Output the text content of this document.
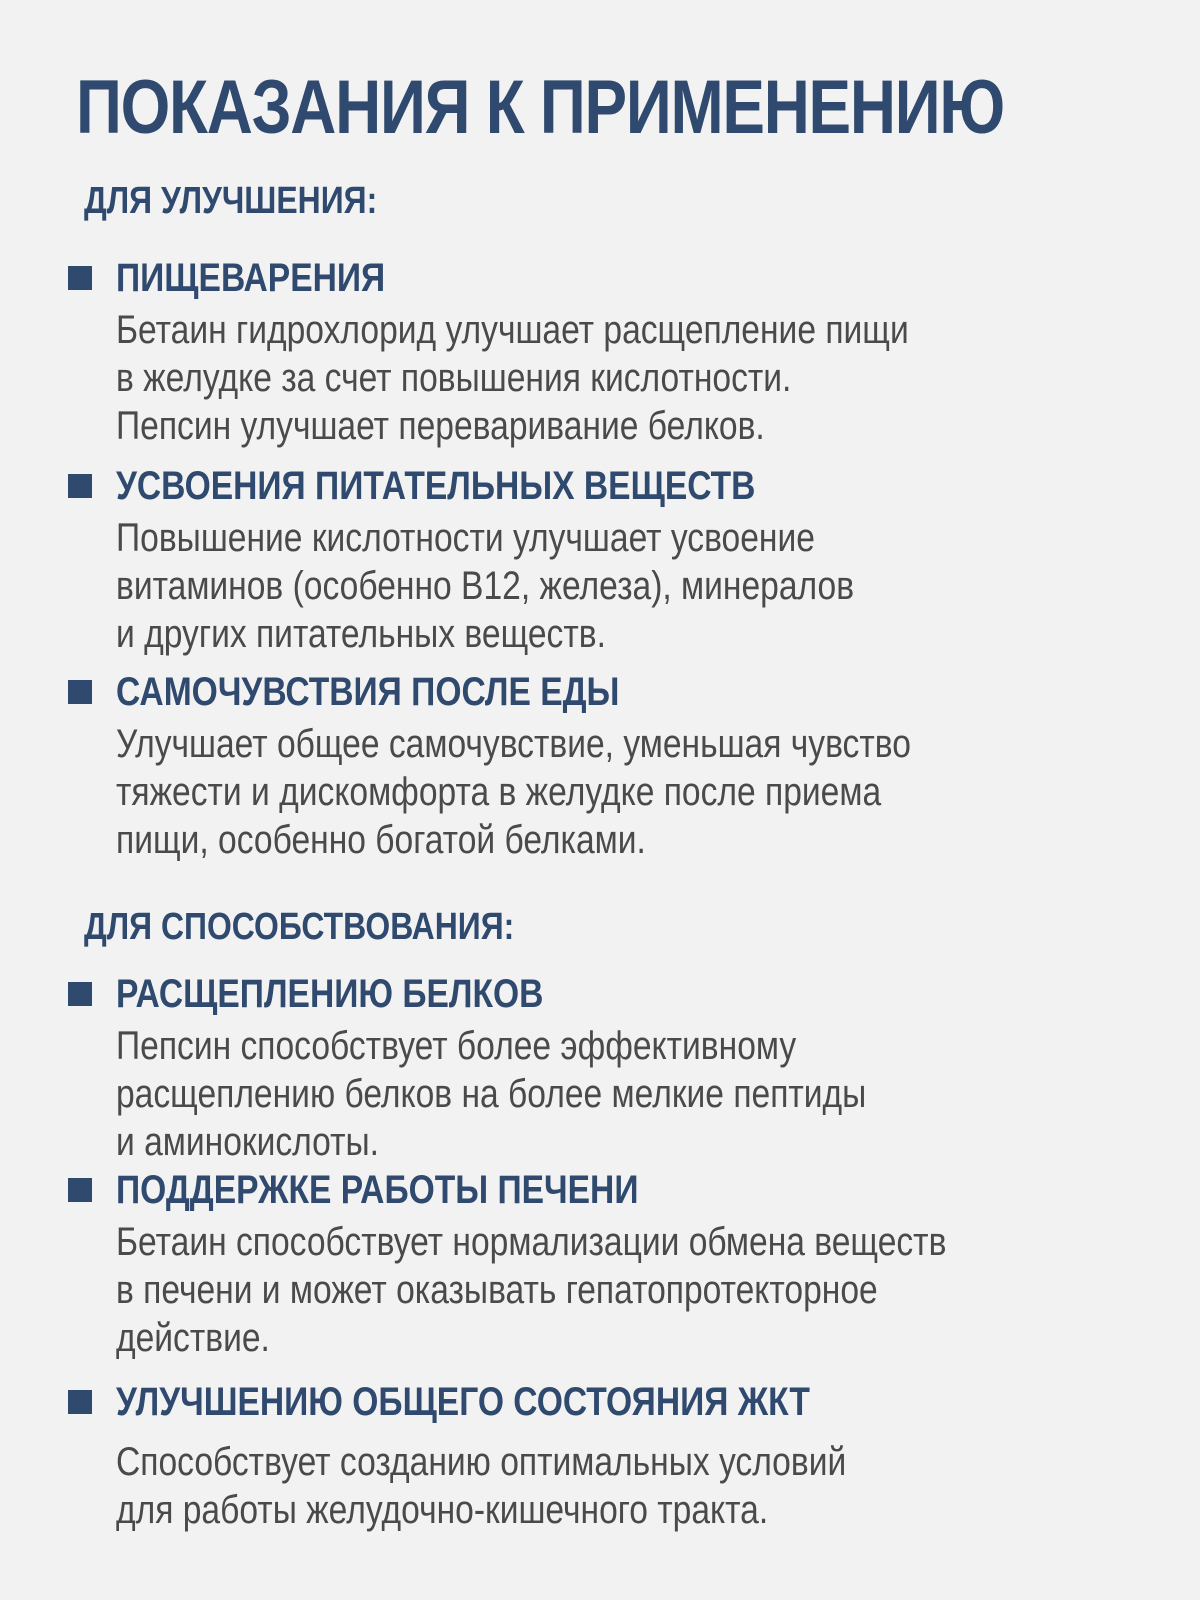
ПОКАЗАНИЯ К ПРИМЕНЕНИЮ
ДЛЯ УЛУЧШЕНИЯ:
ПИЩЕВАРЕНИЯ
Бетаин гидрохлорид улучшает расщепление пищи
в желудке за счет повышения кислотности.
Пепсин улучшает переваривание белков.
УСВОЕНИЯ ПИТАТЕЛЬНЫХ ВЕЩЕСТВ
Повышение кислотности улучшает усвоение
витаминов (особенно B12, железа), минералов
и других питательных веществ.
САМОЧУВСТВИЯ ПОСЛЕ ЕДЫ
Улучшает общее самочувствие, уменьшая чувство
тяжести и дискомфорта в желудке после приема
пищи, особенно богатой белками.
ДЛЯ СПОСОБСТВОВАНИЯ:
РАСЩЕПЛЕНИЮ БЕЛКОВ
Пепсин способствует более эффективному
расщеплению белков на более мелкие пептиды
и аминокислоты.
ПОДДЕРЖКЕ РАБОТЫ ПЕЧЕНИ
Бетаин способствует нормализации обмена веществ
в печени и может оказывать гепатопротекторное
действие.
УЛУЧШЕНИЮ ОБЩЕГО СОСТОЯНИЯ ЖКТ
Способствует созданию оптимальных условий
для работы желудочно-кишечного тракта.
